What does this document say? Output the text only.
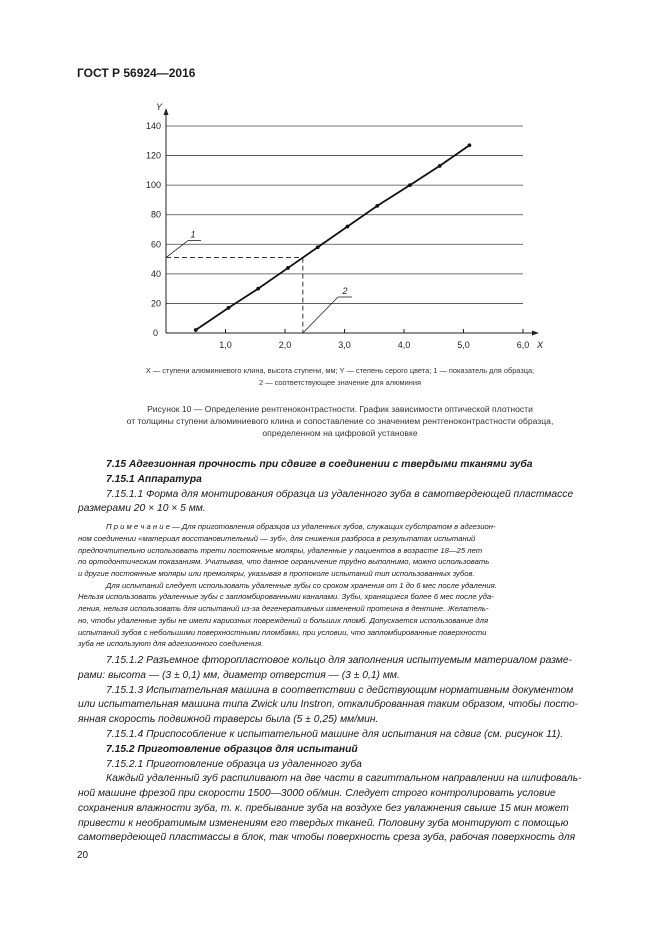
ГОСТ Р 56924—2016
20
40
60
80
100
120
140
0
1,0	2,0	3,0	4,0	5,0	6,0 X
Y
1
2
X — ступени алюминиевого клина, высота ступени, мм; Y — степень серого цвета; 1 — показатель для образца;
2 — соответствующее значение для алюминия
Рисунок 10 — Определение рентгеноконтрастности. График зависимости оптической плотности
от толщины ступени алюминиевого клина и сопоставление со значением рентгеноконтрастности образца,
определенном на цифровой установке

7.15 Адгезионная прочность при сдвиге в соединении с твердыми тканями зуба

7.15.1 Аппаратура

7.15.1.1 Форма для монтирования образца из удаленного зуба в самотвердеющей пластмассе

размерами 20 × 10 × 5 мм.

П р и м е ч а н и е — Для приготовления образцов из удаленных зубов, служащих субстратом в адгезион-

ном соединении «материал восстановительный — зуб», для снижения разброса в результатах испытаний

предпочтительно использовать трети постоянные моляры, удаленные у пациентов в возрасте 18—25 лет

по ортодонтическим показаниям. Учитывая, что данное ограничение трудно выполнимо, можно использовать

и другие постоянные моляры или премоляры, указывая в протоколе испытаний тип использованных зубов.

Для испытаний следует использовать удаленные зубы со сроком хранения от 1 до 6 мес после удаления.

Нельзя использовать удаленные зубы с запломбированными каналами. Зубы, хранящиеся более 6 мес после уда-

ления, нельзя использовать для испытаний из-за дегенеративных изменений протеина в дентине. Желатель-

но, чтобы удаленные зубы не имели кариозных повреждений и больших пломб. Допускается использование для

испытаний зубов с небольшими поверхностными пломбами, при условии, что запломбированные поверхности

зуба не используют для адгезионного соединения.

7.15.1.2 Разъемное фторопластовое кольцо для заполнения испытуемым материалом разме-

рами: высота — (3 ± 0,1) мм, диаметр отверстия — (3 ± 0,1) мм.

7.15.1.3 Испытательная машина в соответствии с действующим нормативным документом

или испытательная машина типа Zwick или Instron, откалиброванная таким образом, чтобы посто-

янная скорость подвижной траверсы была (5 ± 0,25) мм/мин.

7.15.1.4 Приспособление к испытательной машине для испытания на сдвиг (см. рисунок 11).

7.15.2 Приготовление образцов для испытаний

7.15.2.1 Приготовление образца из удаленного зуба

Каждый удаленный зуб распиливают на две части в сагиттальном направлении на шлифоваль-

ной машине фрезой при скорости 1500—3000 об/мин. Следует строго контролировать условие

сохранения влажности зуба, т. к. пребывание зуба на воздухе без увлажнения свыше 15 мин может

привести к необратимым изменениям его твердых тканей. Половину зуба монтируют с помощью

самотвердеющей пластмассы в блок, так чтобы поверхность среза зуба, рабочая поверхность для

20
